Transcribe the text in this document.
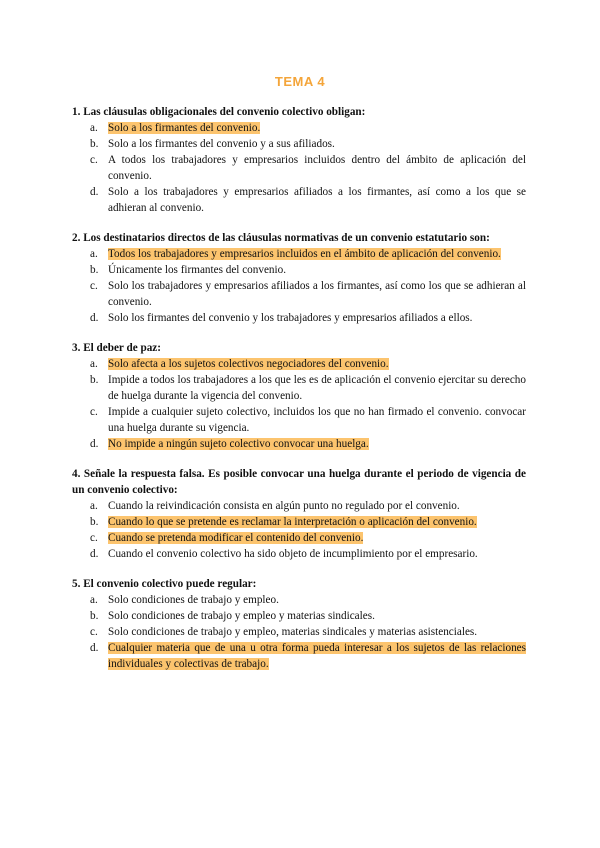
TEMA 4
1. Las cláusulas obligacionales del convenio colectivo obligan:
a. Solo a los firmantes del convenio.
b. Solo a los firmantes del convenio y a sus afiliados.
c. A todos los trabajadores y empresarios incluidos dentro del ámbito de aplicación del convenio.
d. Solo a los trabajadores y empresarios afiliados a los firmantes, así como a los que se adhieran al convenio.
2. Los destinatarios directos de las cláusulas normativas de un convenio estatutario son:
a. Todos los trabajadores y empresarios incluidos en el ámbito de aplicación del convenio.
b. Únicamente los firmantes del convenio.
c. Solo los trabajadores y empresarios afiliados a los firmantes, así como los que se adhieran al convenio.
d. Solo los firmantes del convenio y los trabajadores y empresarios afiliados a ellos.
3. El deber de paz:
a. Solo afecta a los sujetos colectivos negociadores del convenio.
b. Impide a todos los trabajadores a los que les es de aplicación el convenio ejercitar su derecho de huelga durante la vigencia del convenio.
c. Impide a cualquier sujeto colectivo, incluidos los que no han firmado el convenio. convocar una huelga durante su vigencia.
d. No impide a ningún sujeto colectivo convocar una huelga.
4. Señale la respuesta falsa. Es posible convocar una huelga durante el periodo de vigencia de un convenio colectivo:
a. Cuando la reivindicación consista en algún punto no regulado por el convenio.
b. Cuando lo que se pretende es reclamar la interpretación o aplicación del convenio.
c. Cuando se pretenda modificar el contenido del convenio.
d. Cuando el convenio colectivo ha sido objeto de incumplimiento por el empresario.
5. El convenio colectivo puede regular:
a. Solo condiciones de trabajo y empleo.
b. Solo condiciones de trabajo y empleo y materias sindicales.
c. Solo condiciones de trabajo y empleo, materias sindicales y materias asistenciales.
d. Cualquier materia que de una u otra forma pueda interesar a los sujetos de las relaciones individuales y colectivas de trabajo.
